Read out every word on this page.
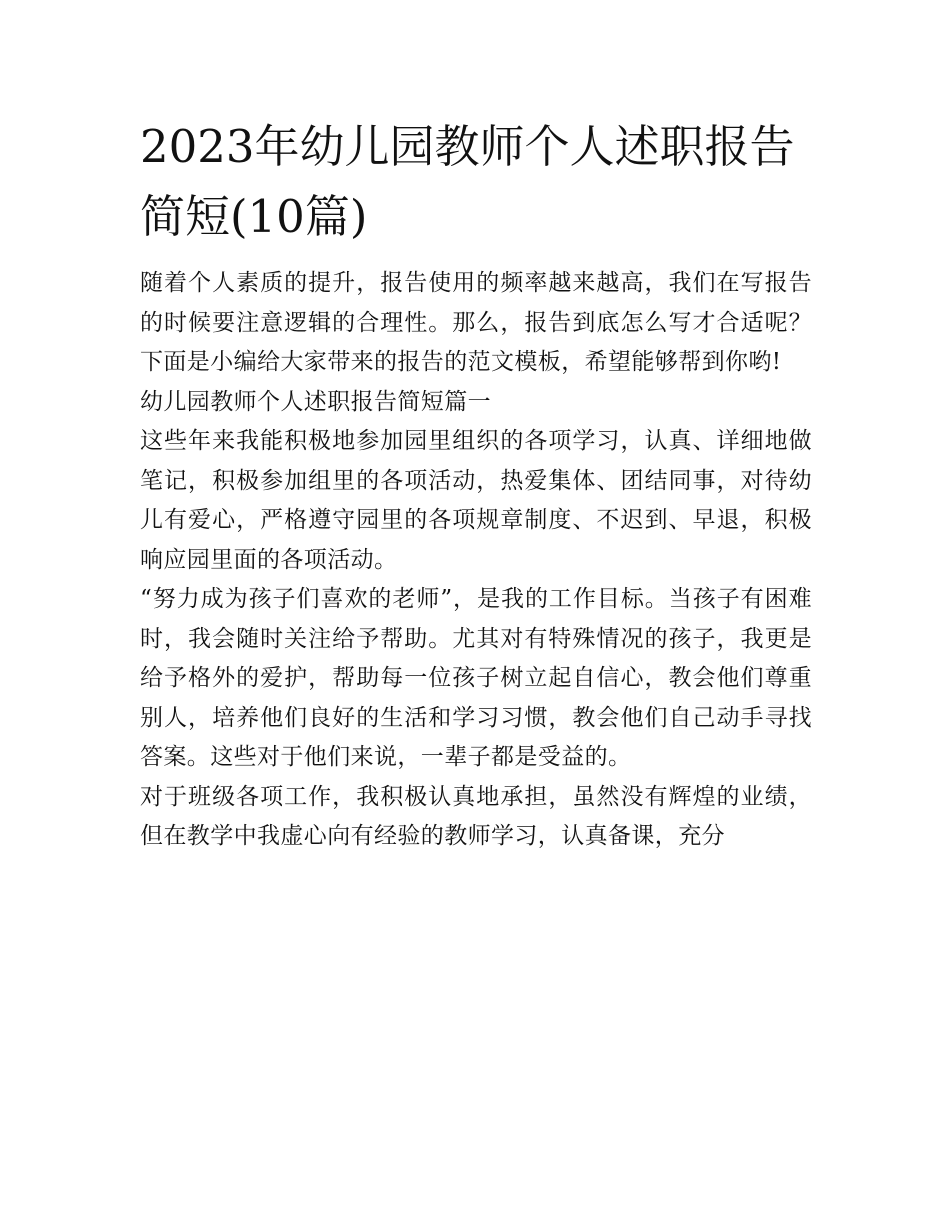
2023年幼儿园教师个人述职报告简短(10篇)

随着个人素质的提升，报告使用的频率越来越高，我们在写报告的时候要注意逻辑的合理性。那么，报告到底怎么写才合适呢？下面是小编给大家带来的报告的范文模板，希望能够帮到你哟!

幼儿园教师个人述职报告简短篇一

这些年来我能积极地参加园里组织的各项学习，认真、详细地做笔记，积极参加组里的各项活动，热爱集体、团结同事，对待幼儿有爱心，严格遵守园里的各项规章制度、不迟到、早退，积极响应园里面的各项活动。

“努力成为孩子们喜欢的老师”，是我的工作目标。当孩子有困难时，我会随时关注给予帮助。尤其对有特殊情况的孩子，我更是给予格外的爱护，帮助每一位孩子树立起自信心，教会他们尊重别人，培养他们良好的生活和学习习惯，教会他们自己动手寻找答案。这些对于他们来说，一辈子都是受益的。

对于班级各项工作，我积极认真地承担，虽然没有辉煌的业绩，但在教学中我虚心向有经验的教师学习，认真备课，充分
